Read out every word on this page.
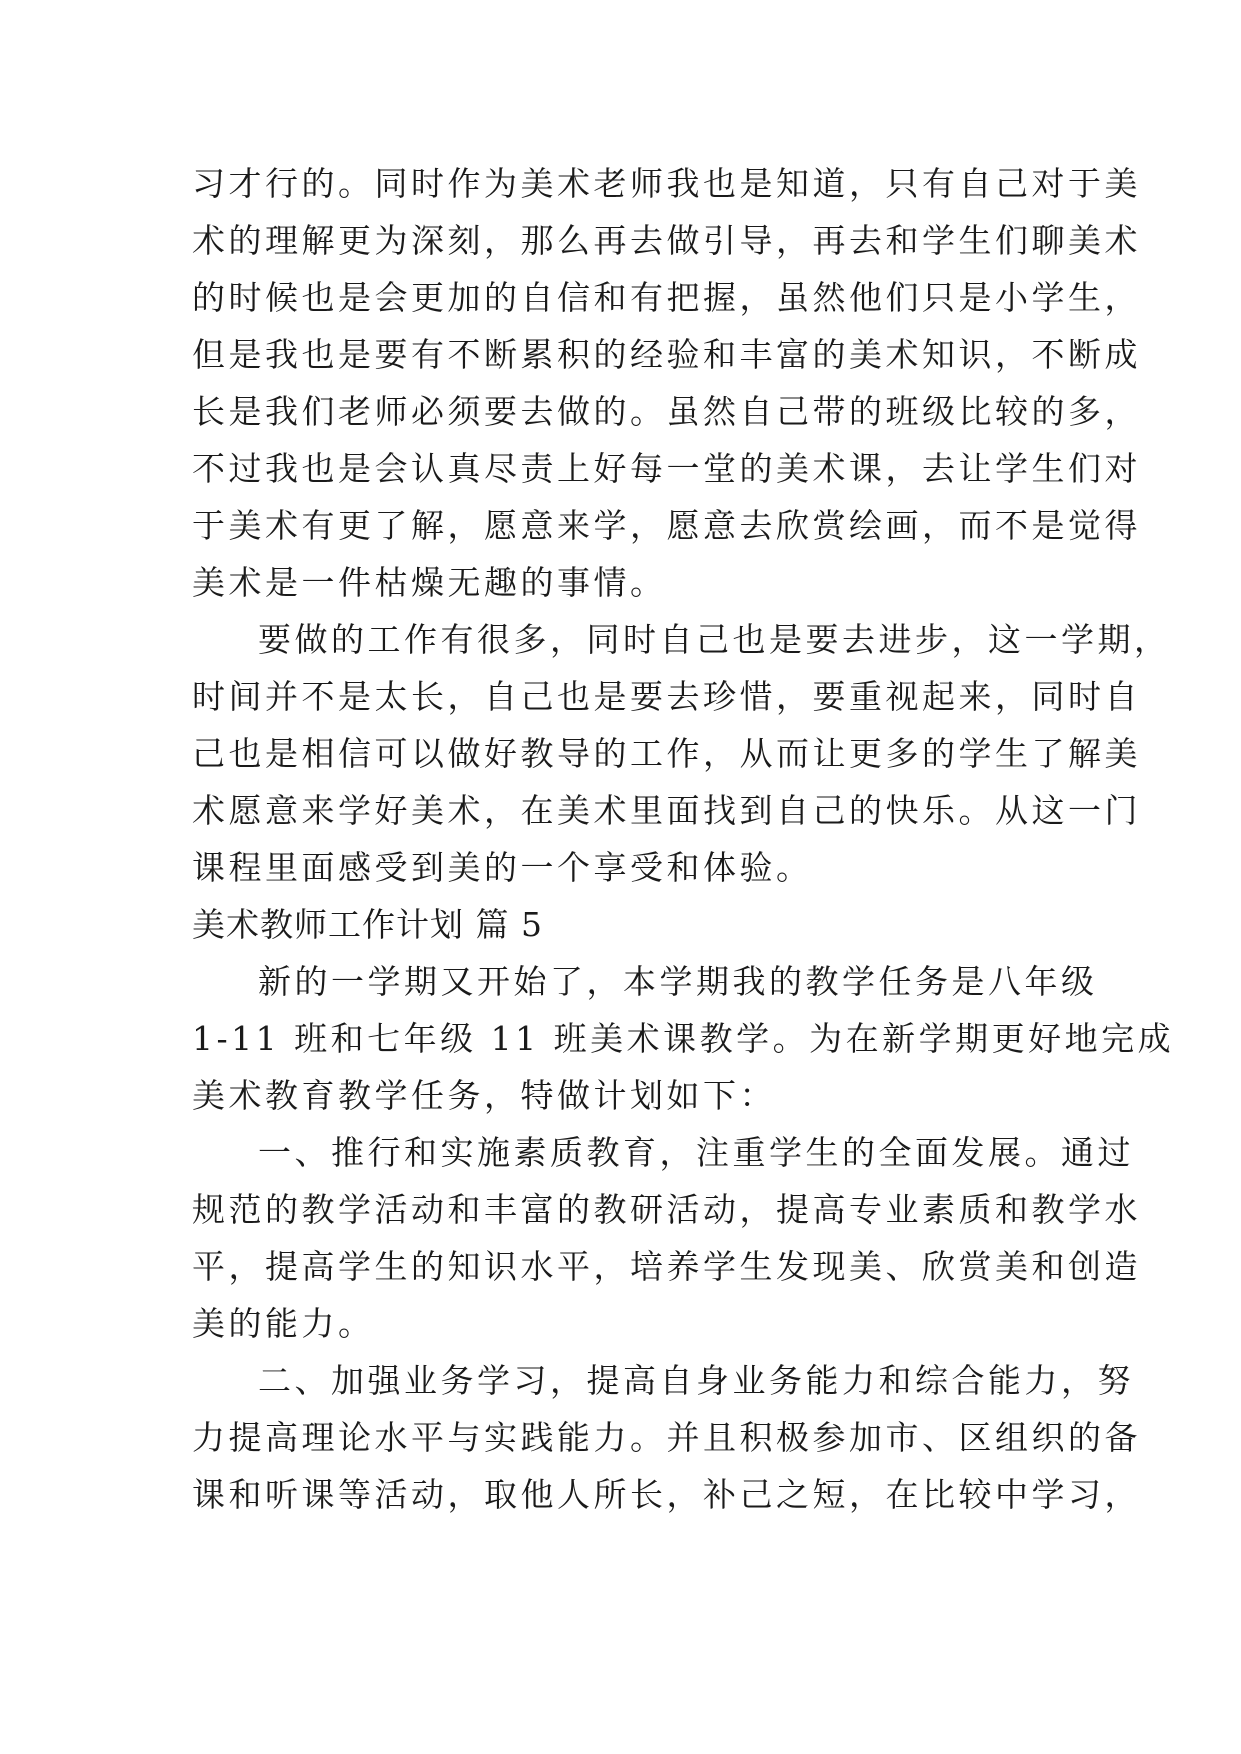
习才行的。同时作为美术老师我也是知道，只有自己对于美
术的理解更为深刻，那么再去做引导，再去和学生们聊美术
的时候也是会更加的自信和有把握，虽然他们只是小学生，
但是我也是要有不断累积的经验和丰富的美术知识，不断成
长是我们老师必须要去做的。虽然自己带的班级比较的多，
不过我也是会认真尽责上好每一堂的美术课，去让学生们对
于美术有更了解，愿意来学，愿意去欣赏绘画，而不是觉得
美术是一件枯燥无趣的事情。
要做的工作有很多，同时自己也是要去进步，这一学期，
时间并不是太长，自己也是要去珍惜，要重视起来，同时自
己也是相信可以做好教导的工作，从而让更多的学生了解美
术愿意来学好美术，在美术里面找到自己的快乐。从这一门
课程里面感受到美的一个享受和体验。
美术教师工作计划 篇 5
新的一学期又开始了，本学期我的教学任务是八年级
1-11 班和七年级 11 班美术课教学。为在新学期更好地完成
美术教育教学任务，特做计划如下：
一、推行和实施素质教育，注重学生的全面发展。通过
规范的教学活动和丰富的教研活动，提高专业素质和教学水
平，提高学生的知识水平，培养学生发现美、欣赏美和创造
美的能力。
二、加强业务学习，提高自身业务能力和综合能力，努
力提高理论水平与实践能力。并且积极参加市、区组织的备
课和听课等活动，取他人所长，补己之短，在比较中学习，
